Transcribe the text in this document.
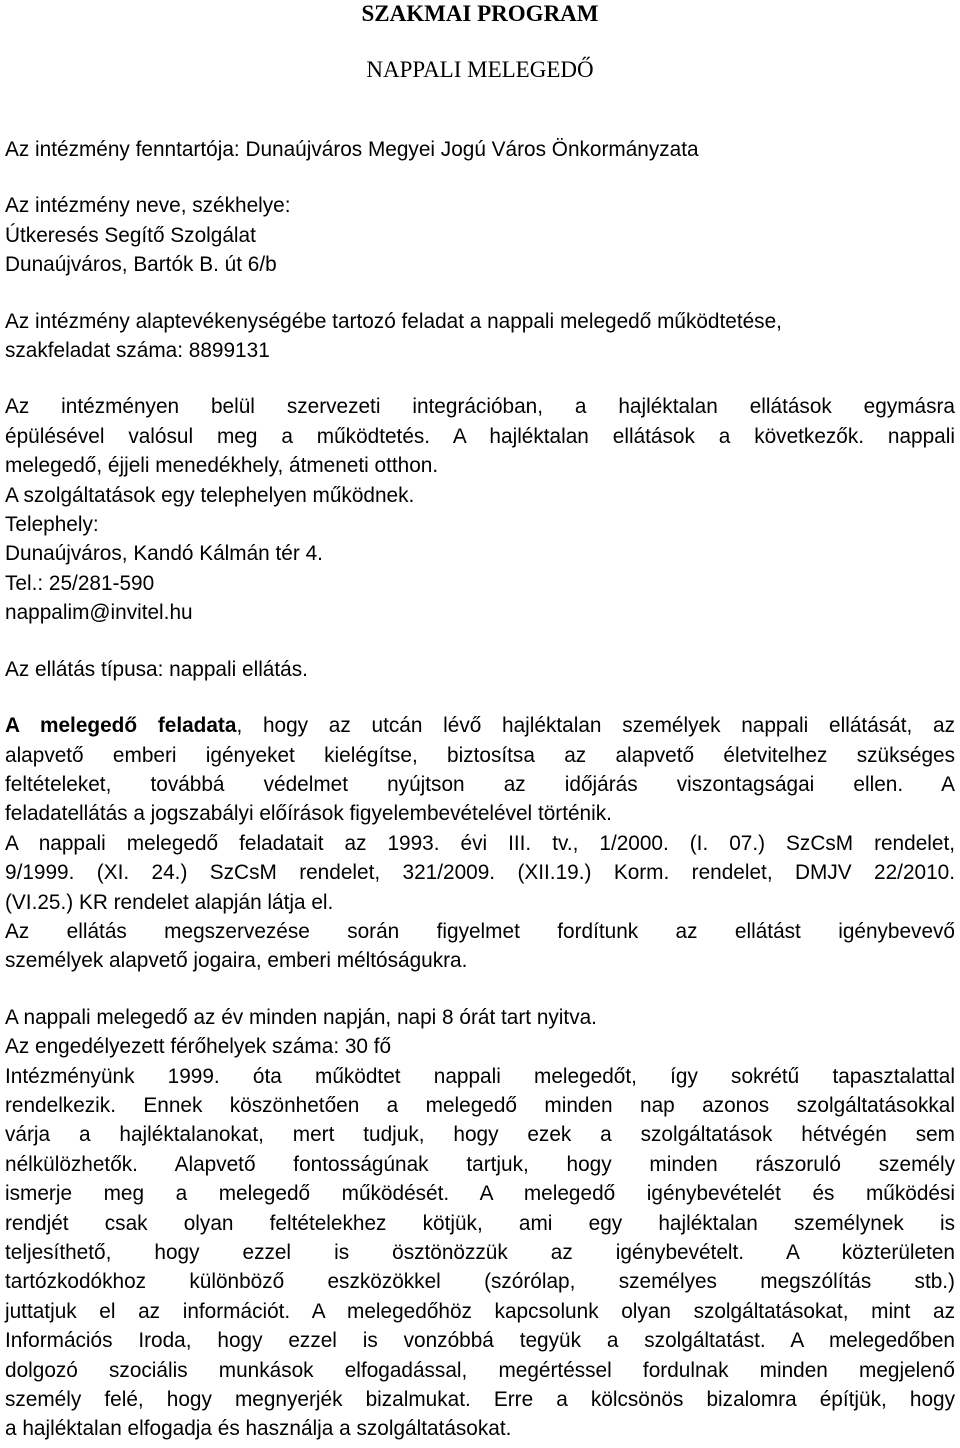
SZAKMAI PROGRAM
NAPPALI MELEGEDŐ
Az intézmény fenntartója: Dunaújváros Megyei Jogú Város Önkormányzata
Az intézmény neve, székhelye:
Útkeresés Segítő Szolgálat
Dunaújváros, Bartók B. út 6/b
Az intézmény alaptevékenységébe tartozó feladat a nappali melegedő működtetése,
szakfeladat száma: 8899131
Az intézményen belül szervezeti integrációban, a hajléktalan ellátások egymásra
épülésével valósul meg a működtetés. A hajléktalan ellátások a következők. nappali
melegedő, éjjeli menedékhely, átmeneti otthon.
A szolgáltatások egy telephelyen működnek.
Telephely:
Dunaújváros, Kandó Kálmán tér 4.
Tel.: 25/281-590
nappalim@invitel.hu
Az ellátás típusa: nappali ellátás.
A melegedő feladata, hogy az utcán lévő hajléktalan személyek nappali ellátását, az
alapvető emberi igényeket kielégítse, biztosítsa az alapvető életvitelhez szükséges
feltételeket, továbbá védelmet nyújtson az időjárás viszontagságai ellen. A
feladatellátás a jogszabályi előírások figyelembevételével történik.
A nappali melegedő feladatait az 1993. évi III. tv., 1/2000. (I. 07.) SzCsM rendelet,
9/1999. (XI. 24.) SzCsM rendelet, 321/2009. (XII.19.) Korm. rendelet, DMJV 22/2010.
(VI.25.) KR rendelet alapján látja el.
Az ellátás megszervezése során figyelmet fordítunk az ellátást igénybevevő
személyek alapvető jogaira, emberi méltóságukra.
A nappali melegedő az év minden napján, napi 8 órát tart nyitva.
Az engedélyezett férőhelyek száma: 30 fő
Intézményünk 1999. óta működtet nappali melegedőt, így sokrétű tapasztalattal
rendelkezik. Ennek köszönhetően a melegedő minden nap azonos szolgáltatásokkal
várja a hajléktalanokat, mert tudjuk, hogy ezek a szolgáltatások hétvégén sem
nélkülözhetők. Alapvető fontosságúnak tartjuk, hogy minden rászoruló személy
ismerje meg a melegedő működését. A melegedő igénybevételét és működési
rendjét csak olyan feltételekhez kötjük, ami egy hajléktalan személynek is
teljesíthető, hogy ezzel is ösztönözzük az igénybevételt. A közterületen
tartózkodókhoz különböző eszközökkel (szórólap, személyes megszólítás stb.)
juttatjuk el az információt. A melegedőhöz kapcsolunk olyan szolgáltatásokat, mint az
Információs Iroda, hogy ezzel is vonzóbbá tegyük a szolgáltatást. A melegedőben
dolgozó szociális munkások elfogadással, megértéssel fordulnak minden megjelenő
személy felé, hogy megnyerjék bizalmukat. Erre a kölcsönös bizalomra építjük, hogy
a hajléktalan elfogadja és használja a szolgáltatásokat.
